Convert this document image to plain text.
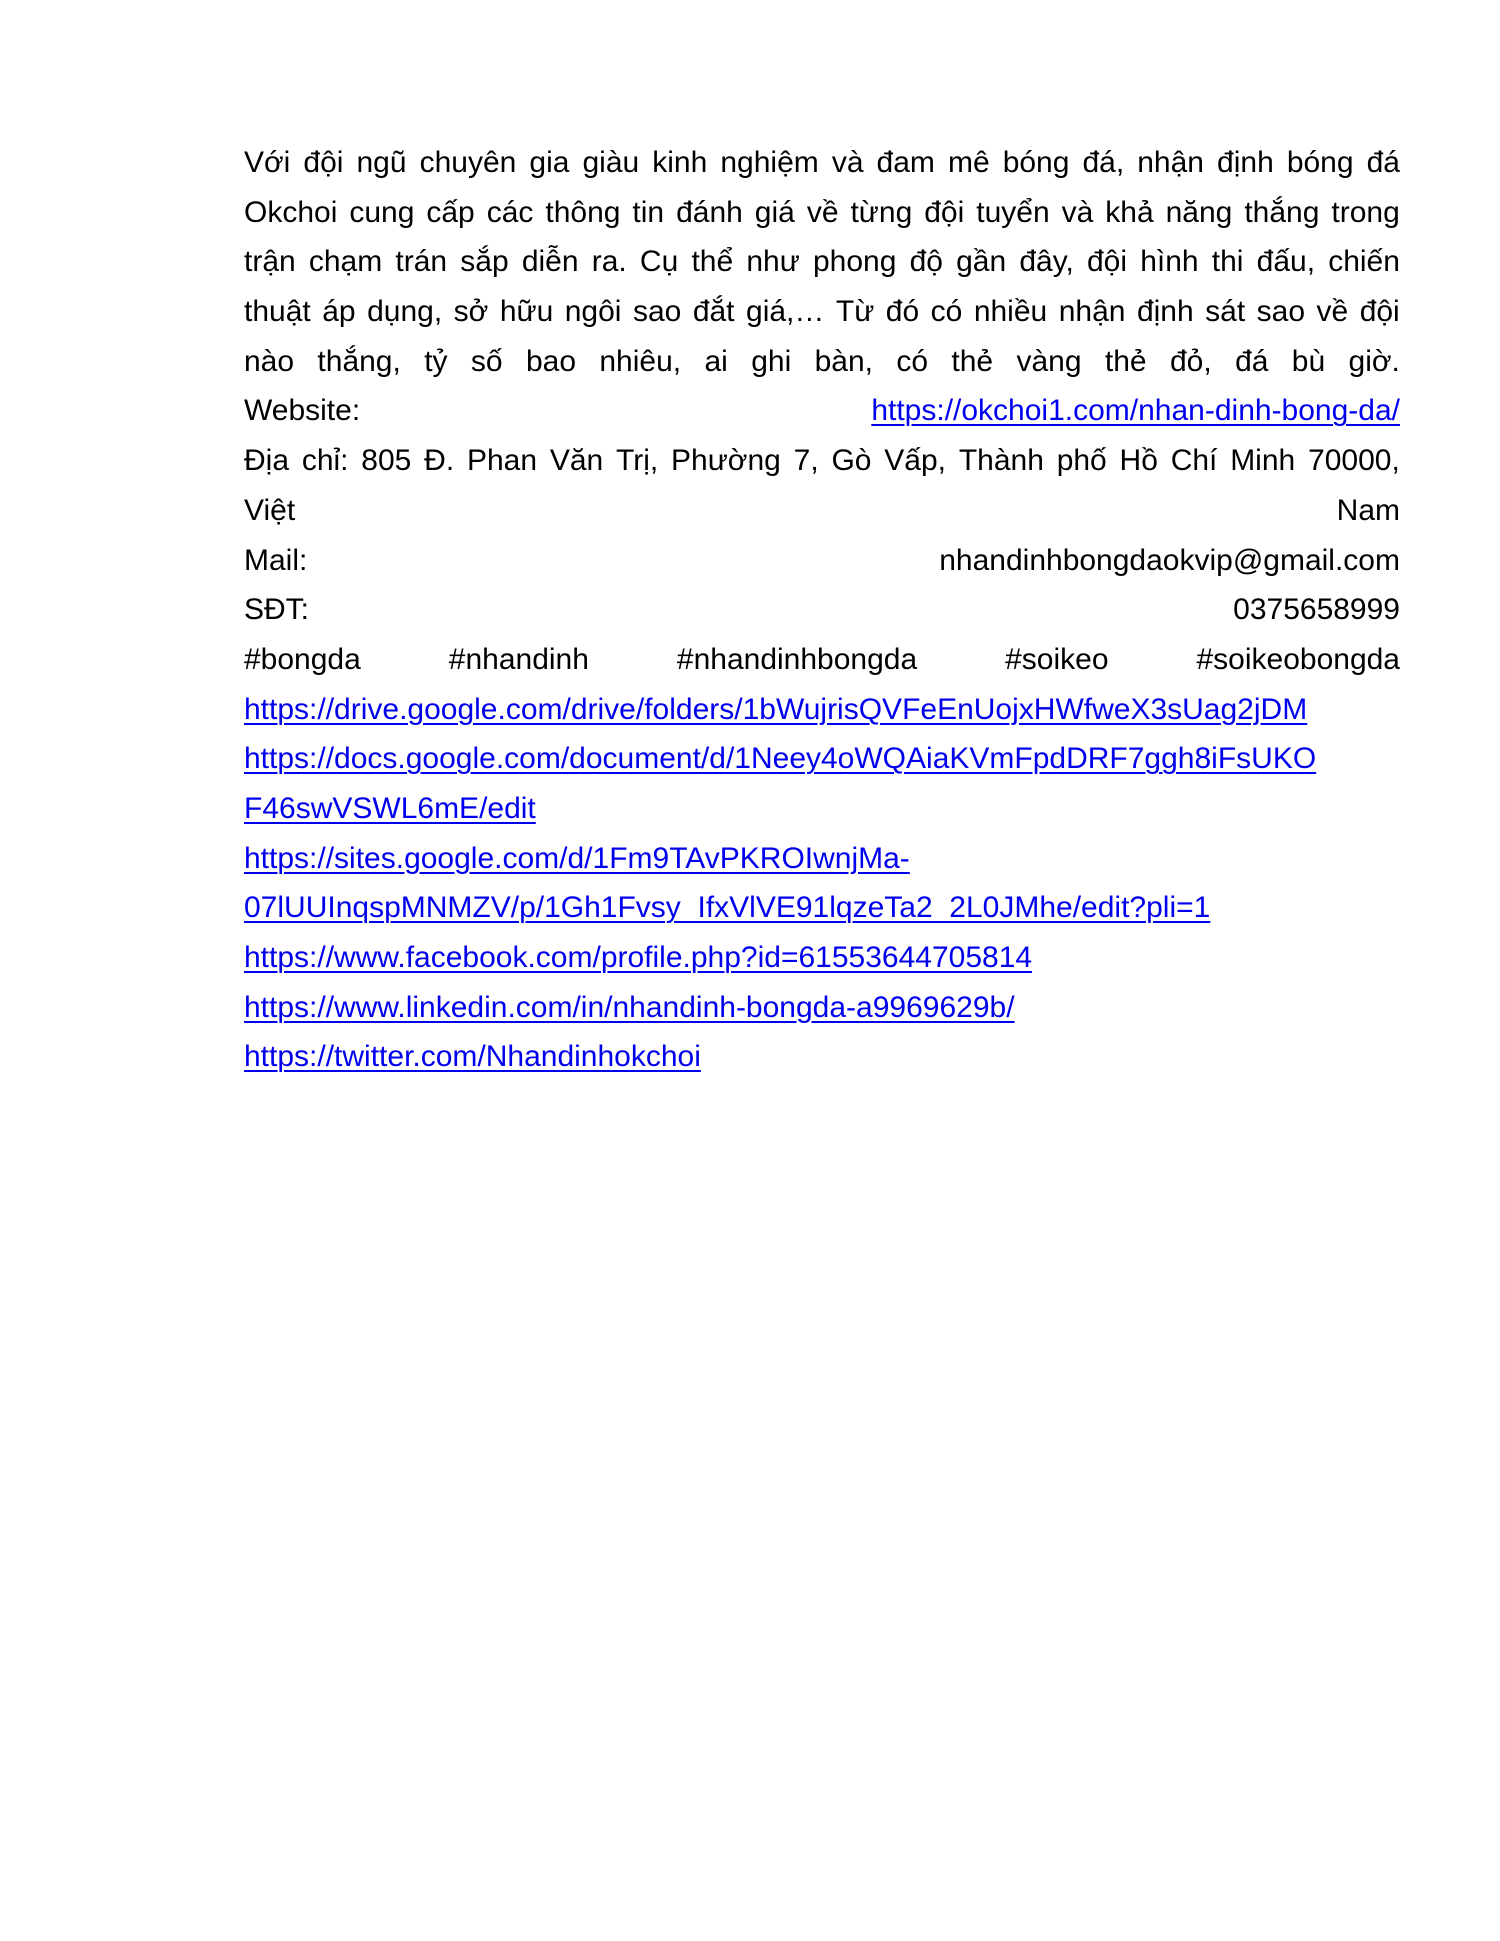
Với đội ngũ chuyên gia giàu kinh nghiệm và đam mê bóng đá, nhận định bóng đá
Okchoi cung cấp các thông tin đánh giá về từng đội tuyển và khả năng thắng trong
trận chạm trán sắp diễn ra. Cụ thể như phong độ gần đây, đội hình thi đấu, chiến
thuật áp dụng, sở hữu ngôi sao đắt giá,… Từ đó có nhiều nhận định sát sao về đội
nào thắng, tỷ số bao nhiêu, ai ghi bàn, có thẻ vàng thẻ đỏ, đá bù giờ.
Website:	https://okchoi1.com/nhan-dinh-bong-da/
Địa chỉ: 805 Đ. Phan Văn Trị, Phường 7, Gò Vấp, Thành phố Hồ Chí Minh 70000,
Việt	Nam
Mail:	nhandinhbongdaokvip@gmail.com
SĐT:	0375658999
#bongda	#nhandinh	#nhandinhbongda	#soikeo	#soikeobongda
https://drive.google.com/drive/folders/1bWujrisQVFeEnUojxHWfweX3sUag2jDM
https://docs.google.com/document/d/1Neey4oWQAiaKVmFpdDRF7ggh8iFsUKO
F46swVSWL6mE/edit
https://sites.google.com/d/1Fm9TAvPKROIwnjMa-
07lUUInqspMNMZV/p/1Gh1Fvsy_IfxVlVE91lqzeTa2_2L0JMhe/edit?pli=1
https://www.facebook.com/profile.php?id=61553644705814
https://www.linkedin.com/in/nhandinh-bongda-a9969629b/
https://twitter.com/Nhandinhokchoi
